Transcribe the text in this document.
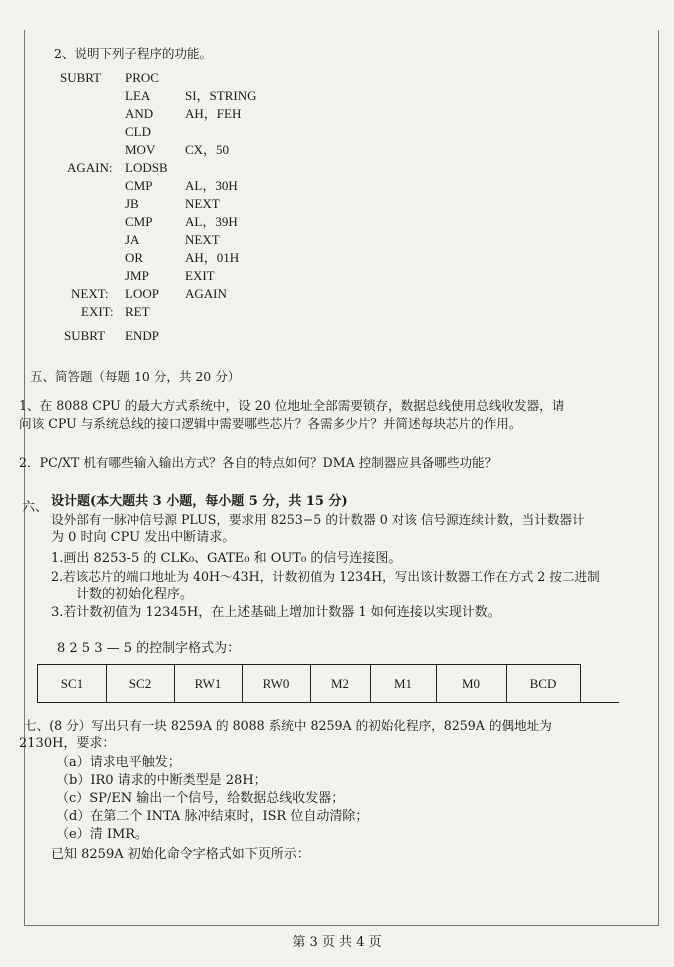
2、说明下列子程序的功能。
SUBRT PROC
LEA	SI，STRING
AND AH，FEH
CLD
MOV CX，50
AGAIN: LODSB
CMP	AL，30H
JB	NEXT
CMP	AL，39H
JA	NEXT
OR	AH，01H
JMP	EXIT
NEXT: LOOP AGAIN
EXIT: RET
SUBRT ENDP
五、简答题（每题 10 分，共 20 分）
1、在 8088 CPU 的最大方式系统中，设 20 位地址全部需要锁存，数据总线使用总线收发器，请
问该 CPU 与系统总线的接口逻辑中需要哪些芯片？各需多少片？并简述每块芯片的作用。
2．PC/XT 机有哪些输入输出方式？各自的特点如何？DMA 控制器应具备哪些功能？
六、 设计题(本大题共 3 小题，每小题 5 分，共 15 分)
设外部有一脉冲信号源 PLUS，要求用 8253−5 的计数器 0 对该 信号源连续计数，当计数器计
为 0 时向 CPU 发出中断请求。
1.画出 8253-5 的 CLK₀、GATE₀ 和 OUT₀ 的信号连接图。
2.若该芯片的端口地址为 40H～43H，计数初值为 1234H，写出该计数器工作在方式 2 按二进制
计数的初始化程序。
3.若计数初值为 12345H，在上述基础上增加计数器 1 如何连接以实现计数。
8 2 5 3 — 5 的控制字格式为：
SC1	SC2	RW1	RW0	M2	M1	M0	BCD
七、(8 分）写出只有一块 8259A 的 8088 系统中 8259A 的初始化程序，8259A 的偶地址为
2130H，要求：
（a）请求电平触发；
（b）IR0 请求的中断类型是 28H；
（c）SP/EN 输出一个信号，给数据总线收发器；
（d）在第二个 INTA 脉冲结束时，ISR 位自动清除；
（e）清 IMR。
已知 8259A 初始化命令字格式如下页所示：
第 3 页 共 4 页
